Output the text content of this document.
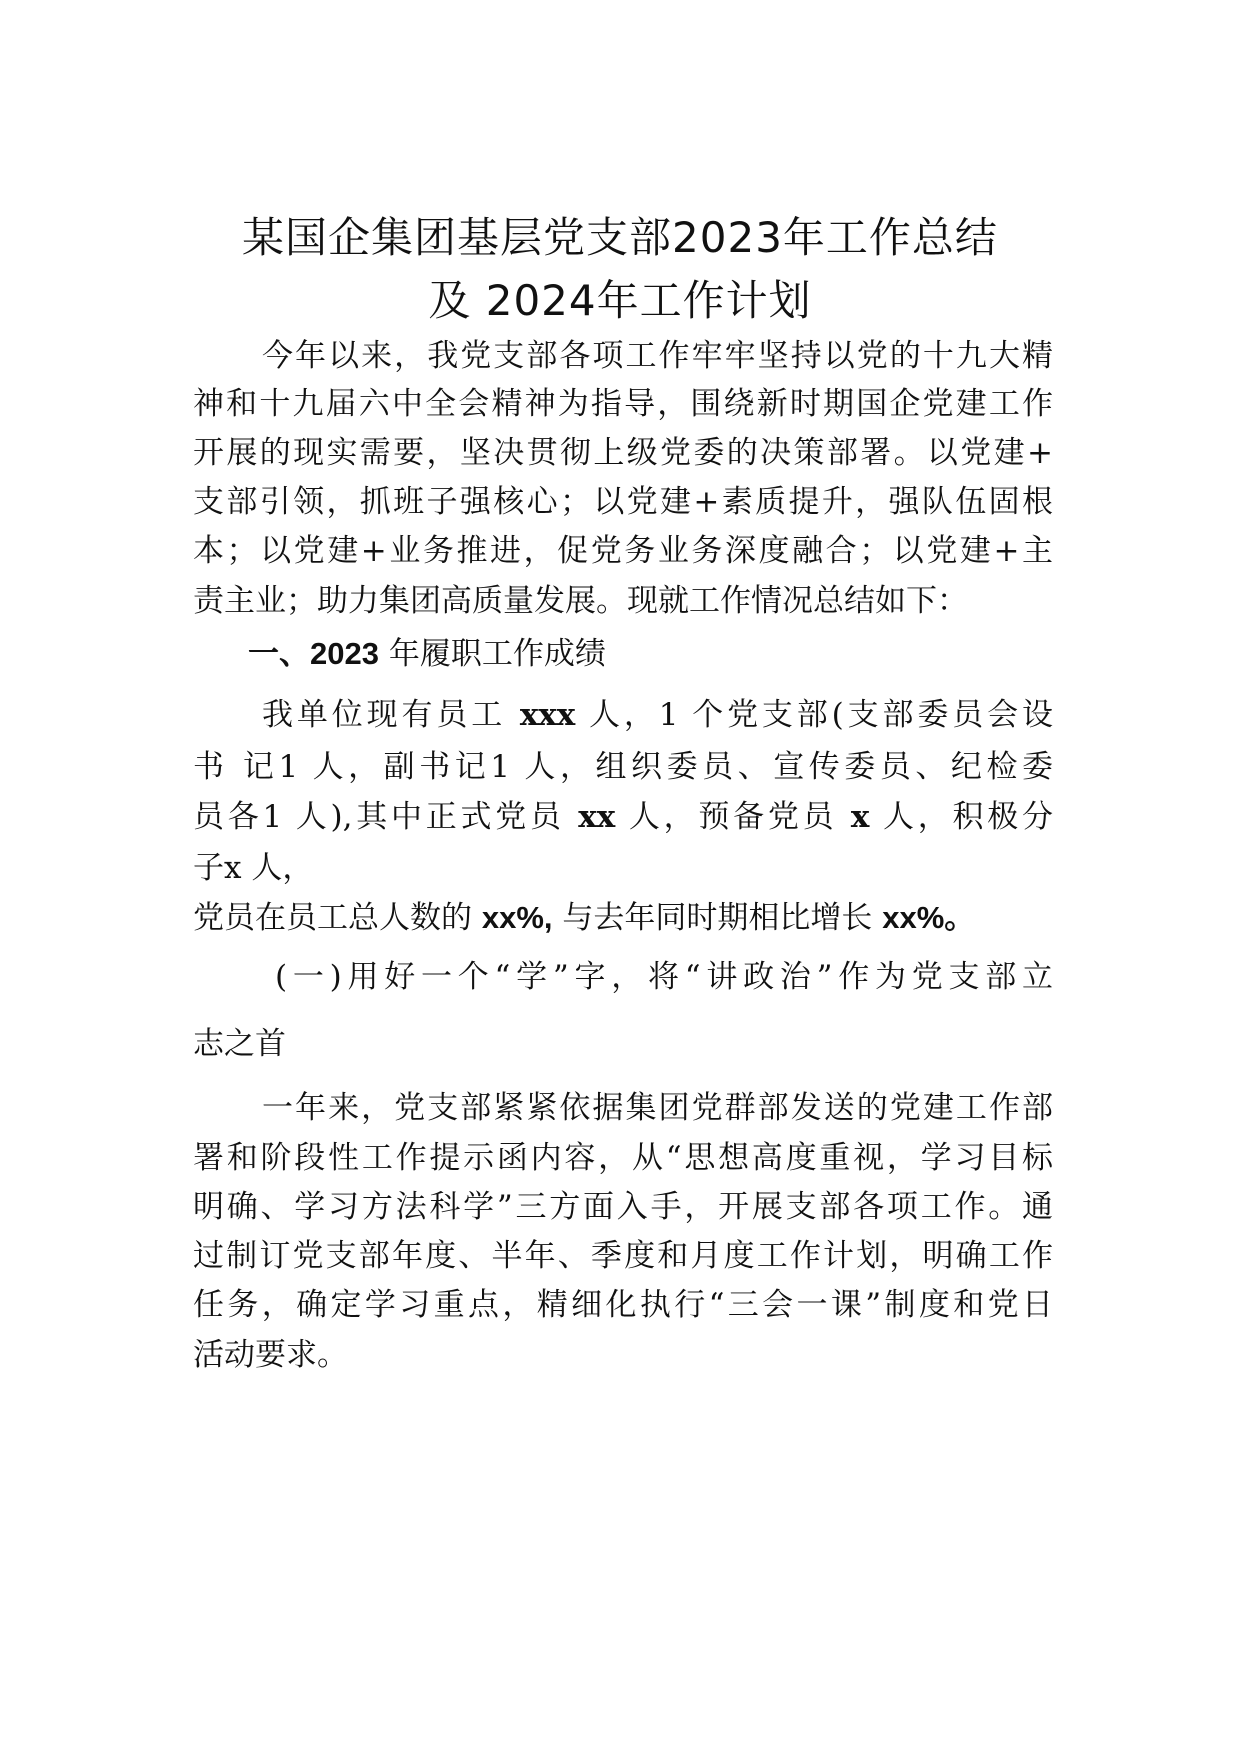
某国企集团基层党支部2023年工作总结
及 2024年工作计划
今年以来，我党支部各项工作牢牢坚持以党的十九大精
神和十九届六中全会精神为指导，围绕新时期国企党建工作
开展的现实需要，坚决贯彻上级党委的决策部署。以党建+
支部引领，抓班子强核心；以党建+素质提升，强队伍固根
本；以党建+业务推进，促党务业务深度融合；以党建+主
责主业；助力集团高质量发展。现就工作情况总结如下：
一、2023 年履职工作成绩
我单位现有员工 xxx 人，1 个党支部(支部委员会设
书 记1 人，副书记1 人，组织委员、宣传委员、纪检委
员各1 人),其中正式党员 xx 人，预备党员 x 人，积极分
子x 人，
党员在员工总人数的 xx%, 与去年同时期相比增长 xx%。
(一)用好一个“学”字，将“讲政治”作为党支部立
志之首
一年来，党支部紧紧依据集团党群部发送的党建工作部
署和阶段性工作提示函内容，从“思想高度重视，学习目标
明确、学习方法科学”三方面入手，开展支部各项工作。通
过制订党支部年度、半年、季度和月度工作计划，明确工作
任务，确定学习重点，精细化执行“三会一课”制度和党日
活动要求。
